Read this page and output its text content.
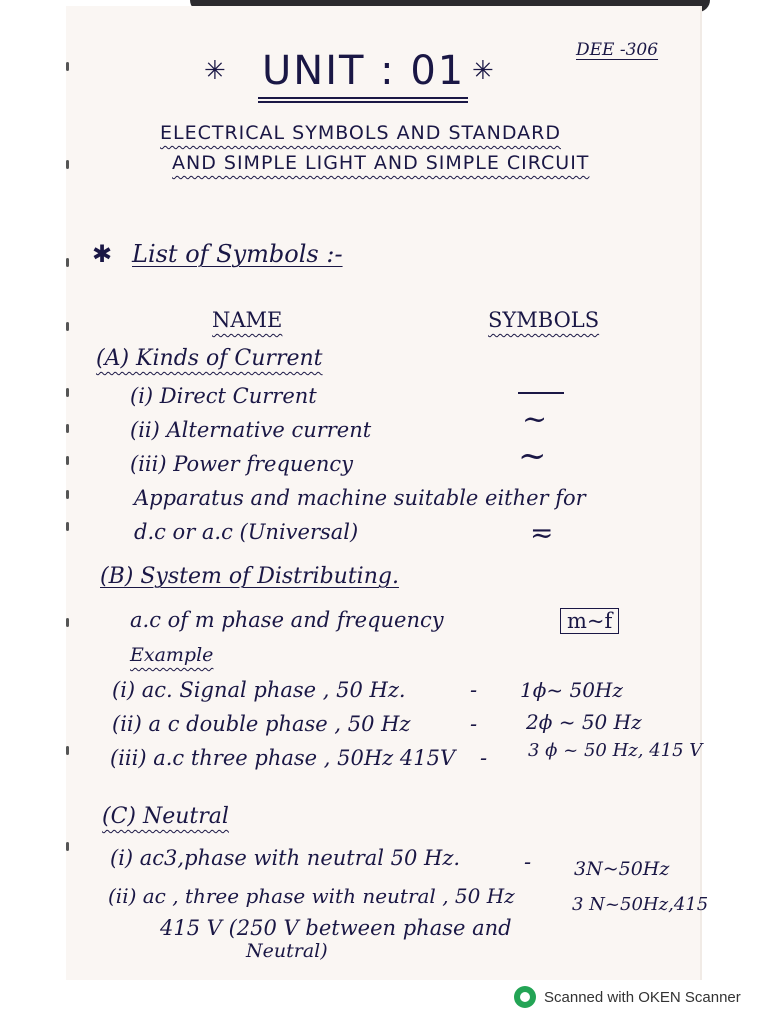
DEE -306
✳ UNIT : 01 ✳
ELECTRICAL SYMBOLS AND STANDARD
AND SIMPLE LIGHT AND SIMPLE CIRCUIT
✱ List of Symbols :-
NAME	SYMBOLS
(A) Kinds of Current
(i) Direct Current
(ii) Alternative current	~
(iii) Power frequency	~
Apparatus and machine suitable either for
d.c or a.c (Universal)	≂
(B) System of Distributing.
a.c of m phase and frequency	m~f
Example
(i) ac. Signal phase , 50 Hz.	- 1ϕ~ 50Hz
(ii) a c double phase , 50 Hz	- 2ϕ ~ 50 Hz
(iii) a.c three phase , 50Hz 415V - 3 ϕ ~ 50 Hz, 415 V
(C) Neutral
(i) ac3,phase with neutral 50 Hz.	- 3N~50Hz
(ii) ac , three phase with neutral , 50 Hz	3 N~50Hz,415
415 V (250 V between phase and
Neutral)
Scanned with OKEN Scanner
